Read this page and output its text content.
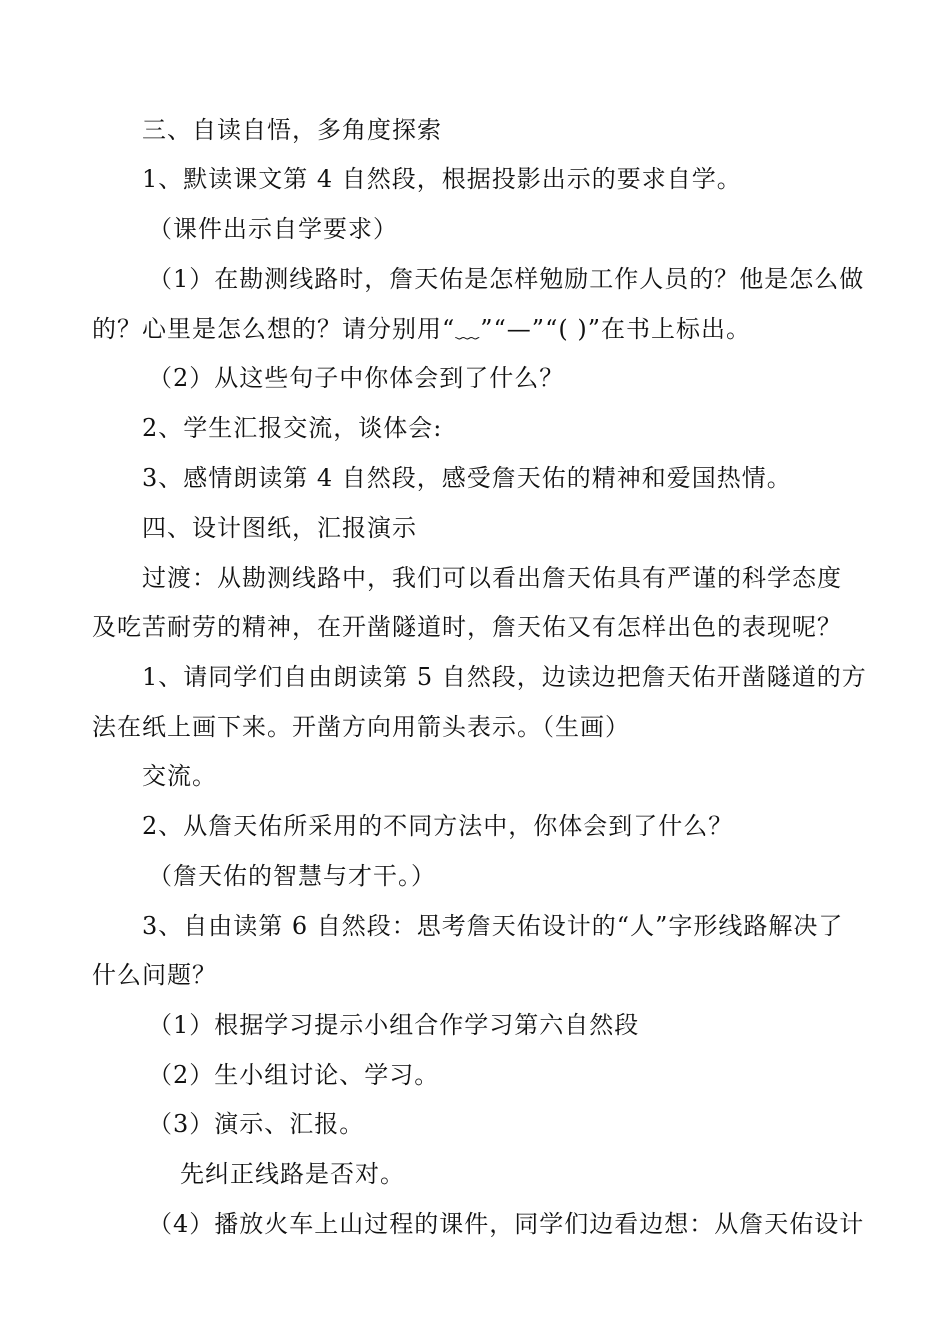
三、自读自悟，多角度探索
1、默读课文第 4 自然段，根据投影出示的要求自学。
（课件出示自学要求）
（1）在勘测线路时，詹天佑是怎样勉励工作人员的？他是怎么做
的？心里是怎么想的？请分别用“﹏”“—”“( )”在书上标出。
（2）从这些句子中你体会到了什么？
2、学生汇报交流，谈体会:
3、感情朗读第 4 自然段，感受詹天佑的精神和爱国热情。
四、设计图纸，汇报演示
过渡：从勘测线路中，我们可以看出詹天佑具有严谨的科学态度
及吃苦耐劳的精神，在开凿隧道时，詹天佑又有怎样出色的表现呢？
1、请同学们自由朗读第 5 自然段，边读边把詹天佑开凿隧道的方
法在纸上画下来。开凿方向用箭头表示。（生画）
交流。
2、从詹天佑所采用的不同方法中，你体会到了什么？
（詹天佑的智慧与才干。）
3、自由读第 6 自然段：思考詹天佑设计的“人”字形线路解决了
什么问题？
（1）根据学习提示小组合作学习第六自然段
（2）生小组讨论、学习。
（3）演示、汇报。
先纠正线路是否对。
（4）播放火车上山过程的课件，同学们边看边想：从詹天佑设计
